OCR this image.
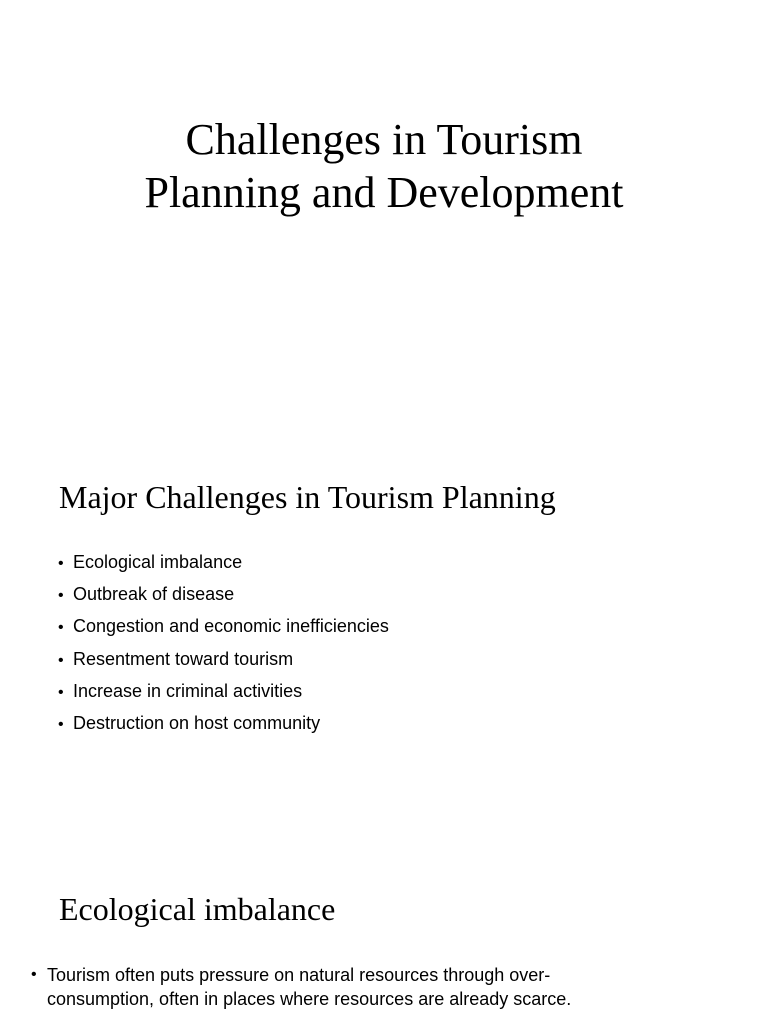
Challenges in Tourism
Planning and Development
Major Challenges in Tourism Planning
• Ecological imbalance
• Outbreak of disease
• Congestion and economic inefficiencies
• Resentment toward tourism
• Increase in criminal activities
• Destruction on host community
Ecological imbalance
• Tourism often puts pressure on natural resources through over-
consumption, often in places where resources are already scarce.
